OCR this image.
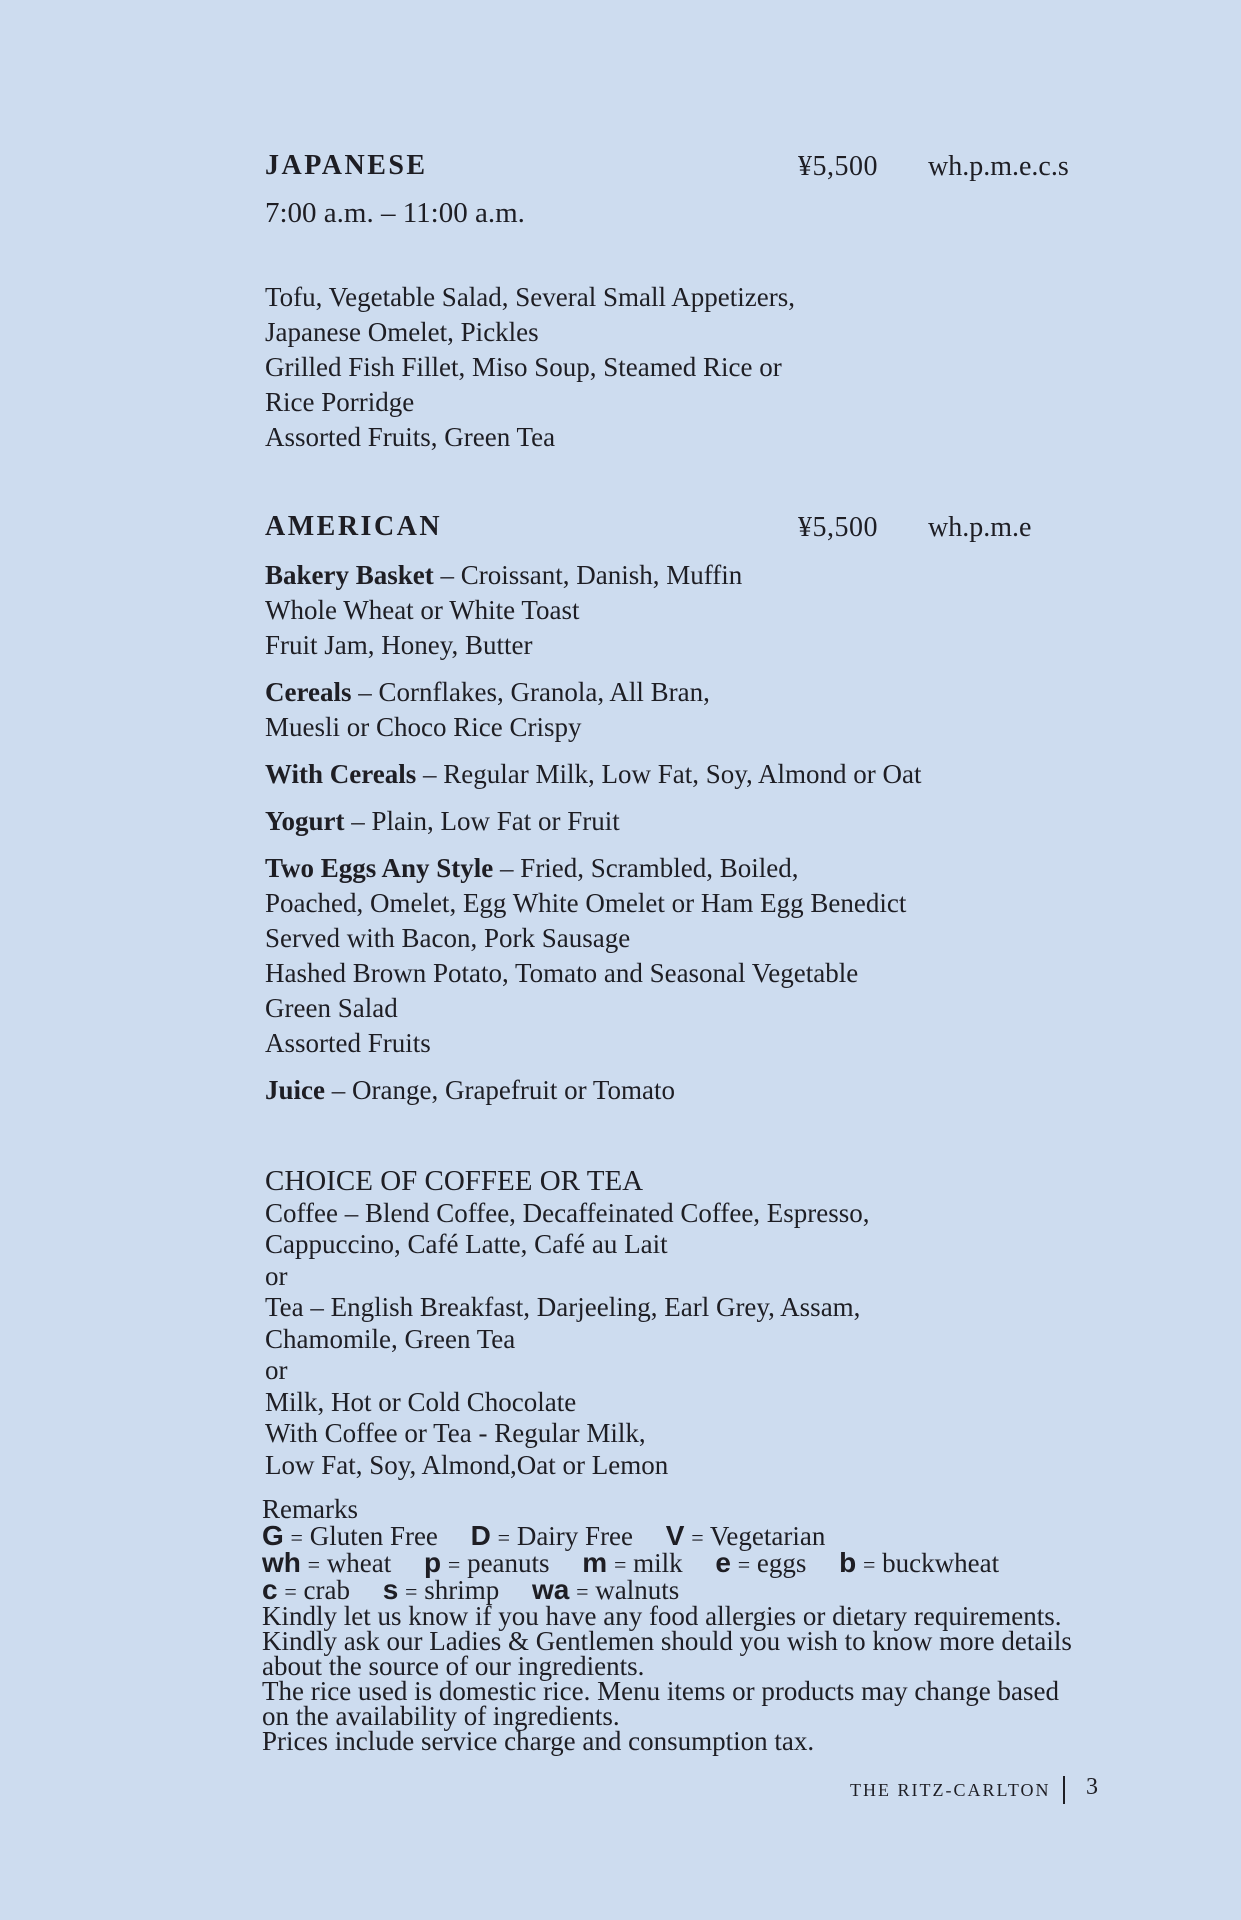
JAPANESE	¥5,500 wh.p.m.e.c.s
7:00 a.m. – 11:00 a.m.
Tofu, Vegetable Salad, Several Small Appetizers,
Japanese Omelet, Pickles
Grilled Fish Fillet, Miso Soup, Steamed Rice or
Rice Porridge
Assorted Fruits, Green Tea
AMERICAN	¥5,500 wh.p.m.e
Bakery Basket – Croissant, Danish, Muffin
Whole Wheat or White Toast
Fruit Jam, Honey, Butter
Cereals – Cornflakes, Granola, All Bran,
Muesli or Choco Rice Crispy
With Cereals – Regular Milk, Low Fat, Soy, Almond or Oat
Yogurt – Plain, Low Fat or Fruit
Two Eggs Any Style – Fried, Scrambled, Boiled,
Poached, Omelet, Egg White Omelet or Ham Egg Benedict
Served with Bacon, Pork Sausage
Hashed Brown Potato, Tomato and Seasonal Vegetable
Green Salad
Assorted Fruits
Juice – Orange, Grapefruit or Tomato
CHOICE OF COFFEE OR TEA
Coffee – Blend Coffee, Decaffeinated Coffee, Espresso,
Cappuccino, Café Latte, Café au Lait
or
Tea – English Breakfast, Darjeeling, Earl Grey, Assam,
Chamomile, Green Tea
or
Milk, Hot or Cold Chocolate
With Coffee or Tea - Regular Milk,
Low Fat, Soy, Almond,Oat or Lemon
Remarks
G = Gluten Free D = Dairy Free V = Vegetarian
wh = wheat p = peanuts m = milk e = eggs b = buckwheat
c = crab s = shrimp wa = walnuts
Kindly let us know if you have any food allergies or dietary requirements.
Kindly ask our Ladies & Gentlemen should you wish to know more details
about the source of our ingredients.
The rice used is domestic rice. Menu items or products may change based
on the availability of ingredients.
Prices include service charge and consumption tax.
THE RITZ-CARLTON 3
